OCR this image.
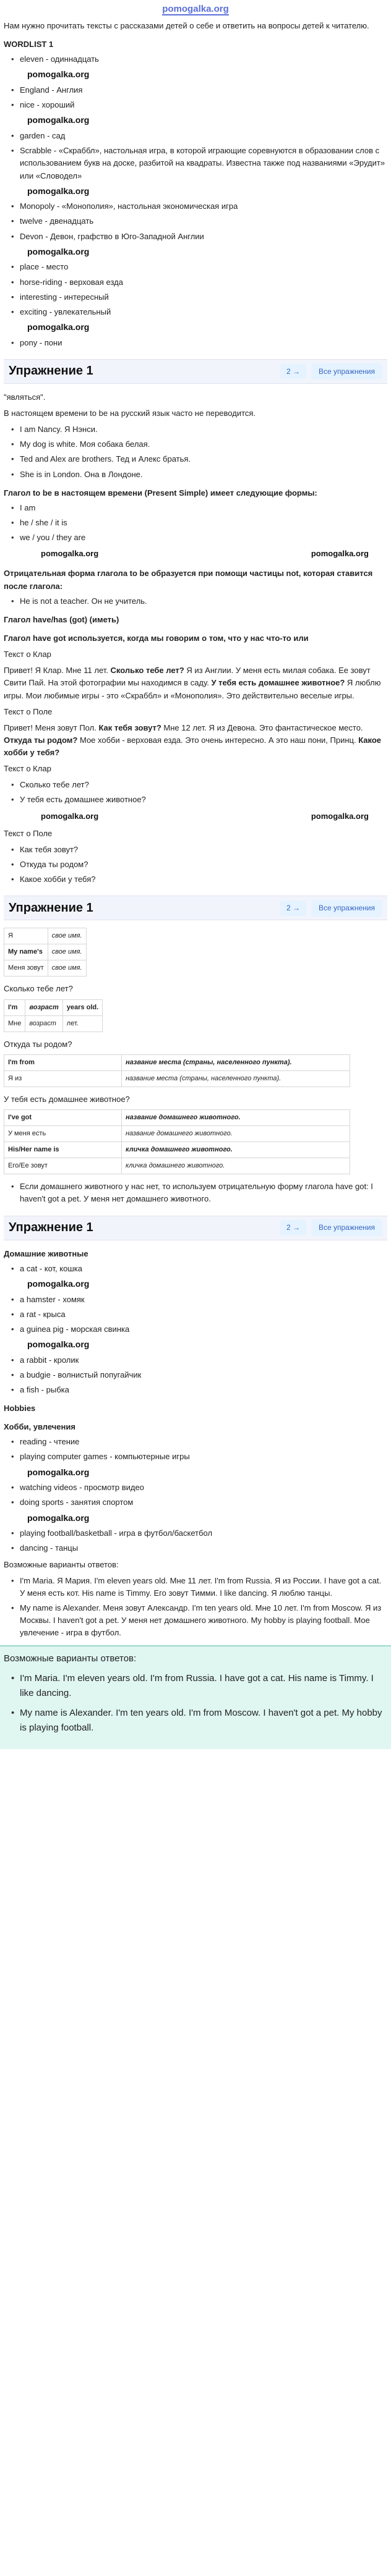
pomogalka.org

Нам нужно прочитать тексты с рассказами детей о себе и ответить на вопросы детей к читателю.

WORDLIST 1
• eleven - одиннадцать
pomogalka.org
• England - Англия
• nice - хороший
pomogalka.org
• garden - сад
• Scrabble - «Скраббл», настольная игра, в которой играющие соревнуются в образовании слов с использованием букв на доске, разбитой на квадраты. Известна также под названиями «Эрудит» или «Словодел»
pomogalka.org
• Monopoly - «Монополия», настольная экономическая игра
• twelve - двенадцать
• Devon - Девон, графство в Юго-Западной Англии
pomogalka.org
• place - место
• horse-riding - верховая езда
• interesting - интересный
• exciting - увлекательный
pomogalka.org
• pony - пони
Упражнение 1	2 →	Все упражнения

"являться".

В настоящем времени to be на русский язык часто не переводится.

• I am Nancy. Я Нэнси.
• My dog is white. Моя собака белая.
• Ted and Alex are brothers. Тед и Алекс братья.
• She is in London. Она в Лондоне.
Глагол to be в настоящем времени (Present Simple) имеет следующие формы:
• I am
• he / she / it is
• we / you / they are
pomogalka.org	pomogalka.org
Отрицательная форма глагола to be образуется при помощи частицы not, которая ставится после глагола:
• He is not a teacher. Он не учитель.
Глагол have/has (got) (иметь)
Глагол have got используется, когда мы говорим о том, что у нас что-то или

Текст о Клар

Привет! Я Клар. Мне 11 лет. Сколько тебе лет? Я из Англии. У меня есть милая собака. Ее зовут Свити Пай. На этой фотографии мы находимся в саду. У тебя есть домашнее животное? Я люблю игры. Мои любимые игры - это «Скраббл» и «Монополия». Это действительно веселые игры.

Текст о Поле

Привет! Меня зовут Пол. Как тебя зовут? Мне 12 лет. Я из Девона. Это фантастическое место. Откуда ты родом? Мое хобби - верховая езда. Это очень интересно. А это наш пони, Принц. Какое хобби у тебя?

Текст о Клар

• Сколько тебе лет?
• У тебя есть домашнее животное?
pomogalka.org	pomogalka.org

Текст о Поле

• Как тебя зовут?
• Откуда ты родом?
• Какое хобби у тебя?
Упражнение 1	2 →	Все упражнения
Я	свое имя.
My name's	свое имя.
Меня зовут	свое имя.

Сколько тебе лет?

I'm	возраст	years old.
Мне	возраст	лет.

Откуда ты родом?

I'm from	название места (страны, населенного пункта).
Я из	название места (страны, населенного пункта).

У тебя есть домашнее животное?

I've got	название домашнего животного.
У меня есть	название домашнего животного.
His/Her name is	кличка домашнего животного.
Его/Ее зовут	кличка домашнего животного.
• Если домашнего животного у нас нет, то используем отрицательную форму глагола have got: I haven't got a pet. У меня нет домашнего животного.
Упражнение 1	2 →	Все упражнения
Домашние животные
• a cat - кот, кошка
pomogalka.org
• a hamster - хомяк
• a rat - крыса
• a guinea pig - морская свинка
pomogalka.org
• a rabbit - кролик
• a budgie - волнистый попугайчик
• a fish - рыбка
Hobbies
Хобби, увлечения
• reading - чтение
• playing computer games - компьютерные игры
pomogalka.org
• watching videos - просмотр видео
• doing sports - занятия спортом
pomogalka.org
• playing football/basketball - игра в футбол/баскетбол
• dancing - танцы

Возможные варианты ответов:

• I'm Maria. Я Мария. I'm eleven years old. Мне 11 лет. I'm from Russia. Я из России. I have got a cat. У меня есть кот. His name is Timmy. Его зовут Тимми. I like dancing. Я люблю танцы.
• My name is Alexander. Меня зовут Александр. I'm ten years old. Мне 10 лет. I'm from Moscow. Я из Москвы. I haven't got a pet. У меня нет домашнего животного. My hobby is playing football. Мое увлечение - игра в футбол.
Возможные варианты ответов:
• I'm Maria. I'm eleven years old. I'm from Russia. I have got a cat. His name is Timmy. I like dancing.
• My name is Alexander. I'm ten years old. I'm from Moscow. I haven't got a pet. My hobby is playing football.
